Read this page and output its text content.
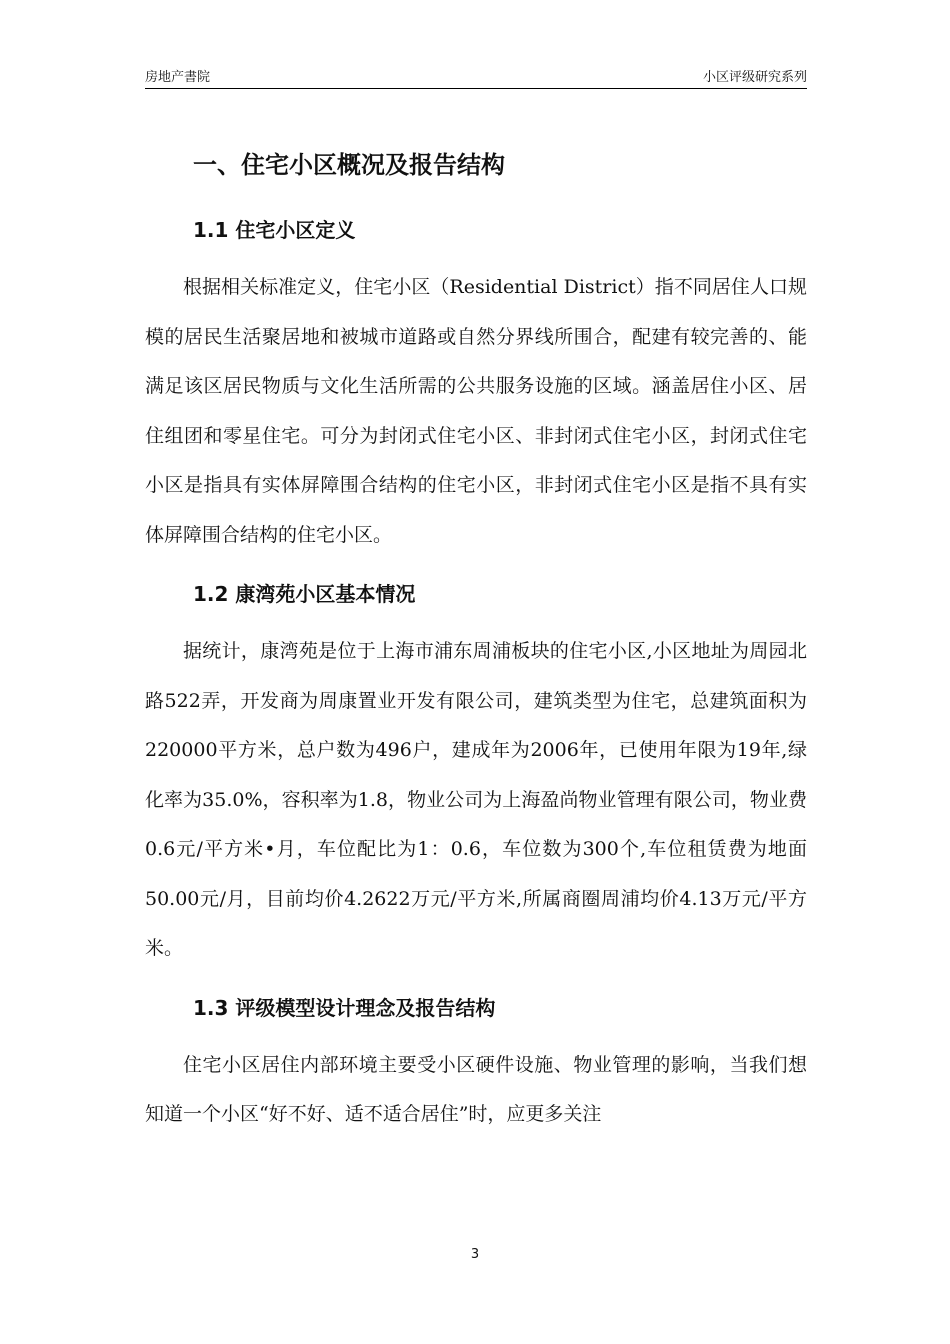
房地产書院	小区评级研究系列
一、住宅小区概况及报告结构
1.1 住宅小区定义

根据相关标准定义，住宅小区（Residential District）指不同居住人口规模的居民生活聚居地和被城市道路或自然分界线所围合，配建有较完善的、能满足该区居民物质与文化生活所需的公共服务设施的区域。涵盖居住小区、居住组团和零星住宅。可分为封闭式住宅小区、非封闭式住宅小区，封闭式住宅小区是指具有实体屏障围合结构的住宅小区，非封闭式住宅小区是指不具有实体屏障围合结构的住宅小区。

1.2 康湾苑小区基本情况

据统计，康湾苑是位于上海市浦东周浦板块的住宅小区,小区地址为周园北路522弄，开发商为周康置业开发有限公司，建筑类型为住宅，总建筑面积为220000平方米，总户数为496户，建成年为2006年，已使用年限为19年,绿化率为35.0%，容积率为1.8，物业公司为上海盈尚物业管理有限公司，物业费0.6元/平方米•月，车位配比为1：0.6，车位数为300个,车位租赁费为地面50.00元/月，目前均价4.2622万元/平方米,所属商圈周浦均价4.13万元/平方米。

1.3 评级模型设计理念及报告结构

住宅小区居住内部环境主要受小区硬件设施、物业管理的影响，当我们想知道一个小区“好不好、适不适合居住”时，应更多关注

3
